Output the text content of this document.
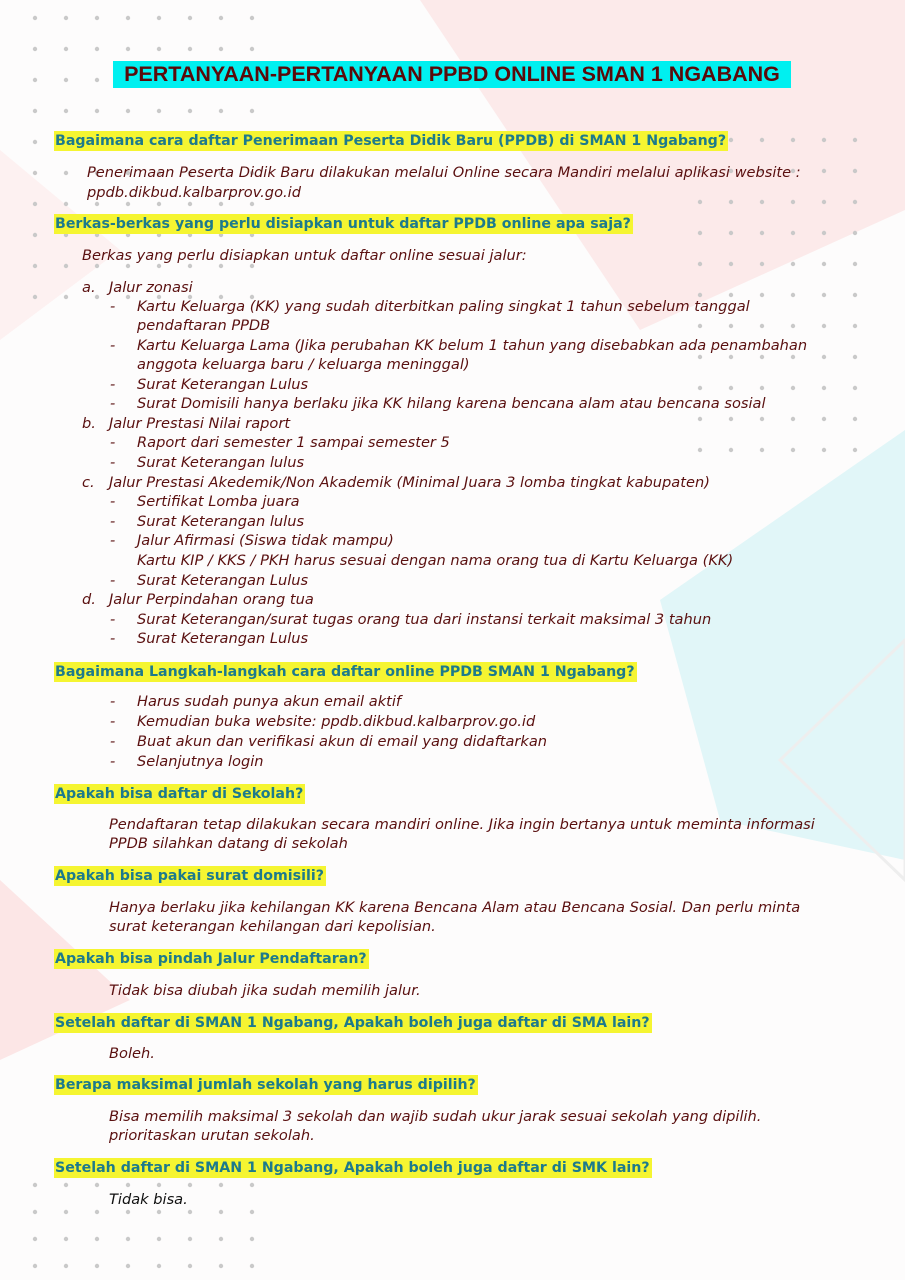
PERTANYAAN-PERTANYAAN PPBD ONLINE SMAN 1 NGABANG
Bagaimana cara daftar Penerimaan Peserta Didik Baru (PPDB) di SMAN 1 Ngabang?
Penerimaan Peserta Didik Baru dilakukan melalui Online secara Mandiri melalui aplikasi website :
ppdb.dikbud.kalbarprov.go.id
Berkas-berkas yang perlu disiapkan untuk daftar PPDB online apa saja?
Berkas yang perlu disiapkan untuk daftar online sesuai jalur:
a. Jalur zonasi
- Kartu Keluarga (KK) yang sudah diterbitkan paling singkat 1 tahun sebelum tanggal
pendaftaran PPDB
- Kartu Keluarga Lama (Jika perubahan KK belum 1 tahun yang disebabkan ada penambahan
anggota keluarga baru / keluarga meninggal)
- Surat Keterangan Lulus
- Surat Domisili hanya berlaku jika KK hilang karena bencana alam atau bencana sosial
b. Jalur Prestasi Nilai raport
- Raport dari semester 1 sampai semester 5
- Surat Keterangan lulus
c. Jalur Prestasi Akedemik/Non Akademik (Minimal Juara 3 lomba tingkat kabupaten)
- Sertifikat Lomba juara
- Surat Keterangan lulus
- Jalur Afirmasi (Siswa tidak mampu)
Kartu KIP / KKS / PKH harus sesuai dengan nama orang tua di Kartu Keluarga (KK)
- Surat Keterangan Lulus
d. Jalur Perpindahan orang tua
- Surat Keterangan/surat tugas orang tua dari instansi terkait maksimal 3 tahun
- Surat Keterangan Lulus
Bagaimana Langkah-langkah cara daftar online PPDB SMAN 1 Ngabang?
- Harus sudah punya akun email aktif
- Kemudian buka website: ppdb.dikbud.kalbarprov.go.id
- Buat akun dan verifikasi akun di email yang didaftarkan
- Selanjutnya login
Apakah bisa daftar di Sekolah?
Pendaftaran tetap dilakukan secara mandiri online. Jika ingin bertanya untuk meminta informasi
PPDB silahkan datang di sekolah
Apakah bisa pakai surat domisili?
Hanya berlaku jika kehilangan KK karena Bencana Alam atau Bencana Sosial. Dan perlu minta
surat keterangan kehilangan dari kepolisian.
Apakah bisa pindah Jalur Pendaftaran?
Tidak bisa diubah jika sudah memilih jalur.
Setelah daftar di SMAN 1 Ngabang, Apakah boleh juga daftar di SMA lain?
Boleh.
Berapa maksimal jumlah sekolah yang harus dipilih?
Bisa memilih maksimal 3 sekolah dan wajib sudah ukur jarak sesuai sekolah yang dipilih.
prioritaskan urutan sekolah.
Setelah daftar di SMAN 1 Ngabang, Apakah boleh juga daftar di SMK lain?
Tidak bisa.
